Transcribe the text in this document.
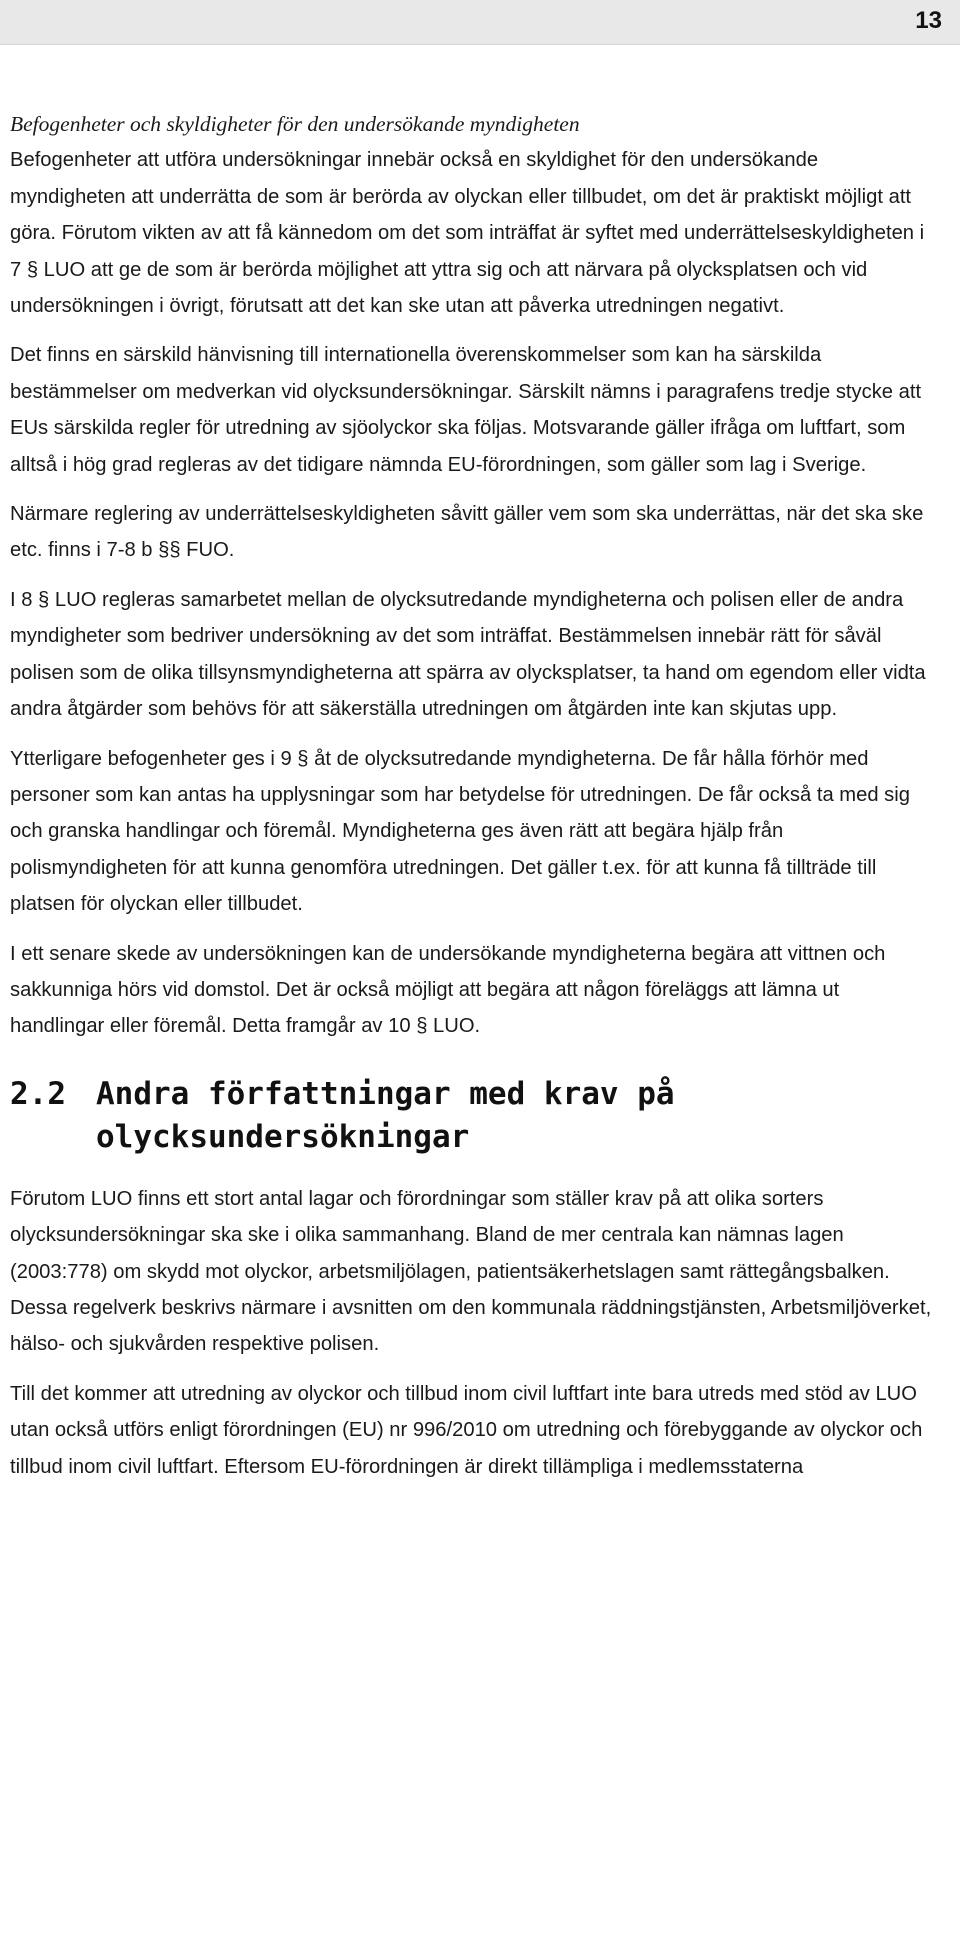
13

Befogenheter och skyldigheter för den undersökande myndigheten
Befogenheter att utföra undersökningar innebär också en skyldighet för den undersökande myndigheten att underrätta de som är berörda av olyckan eller tillbudet, om det är praktiskt möjligt att göra. Förutom vikten av att få kännedom om det som inträffat är syftet med underrättelseskyldigheten i 7 § LUO att ge de som är berörda möjlighet att yttra sig och att närvara på olycksplatsen och vid undersökningen i övrigt, förutsatt att det kan ske utan att påverka utredningen negativt.

Det finns en särskild hänvisning till internationella överenskommelser som kan ha särskilda bestämmelser om medverkan vid olycksundersökningar. Särskilt nämns i paragrafens tredje stycke att EUs särskilda regler för utredning av sjöolyckor ska följas. Motsvarande gäller ifråga om luftfart, som alltså i hög grad regleras av det tidigare nämnda EU-förordningen, som gäller som lag i Sverige.

Närmare reglering av underrättelseskyldigheten såvitt gäller vem som ska underrättas, när det ska ske etc. finns i 7-8 b §§ FUO.

I 8 § LUO regleras samarbetet mellan de olycksutredande myndigheterna och polisen eller de andra myndigheter som bedriver undersökning av det som inträffat. Bestämmelsen innebär rätt för såväl polisen som de olika tillsynsmyndigheterna att spärra av olycksplatser, ta hand om egendom eller vidta andra åtgärder som behövs för att säkerställa utredningen om åtgärden inte kan skjutas upp.

Ytterligare befogenheter ges i 9 § åt de olycksutredande myndigheterna. De får hålla förhör med personer som kan antas ha upplysningar som har betydelse för utredningen. De får också ta med sig och granska handlingar och föremål. Myndigheterna ges även rätt att begära hjälp från polismyndigheten för att kunna genomföra utredningen. Det gäller t.ex. för att kunna få tillträde till platsen för olyckan eller tillbudet.

I ett senare skede av undersökningen kan de undersökande myndigheterna begära att vittnen och sakkunniga hörs vid domstol. Det är också möjligt att begära att någon föreläggs att lämna ut handlingar eller föremål. Detta framgår av 10 § LUO.

2.2 Andra författningar med krav på olycksundersökningar

Förutom LUO finns ett stort antal lagar och förordningar som ställer krav på att olika sorters olycksundersökningar ska ske i olika sammanhang. Bland de mer centrala kan nämnas lagen (2003:778) om skydd mot olyckor, arbetsmiljölagen, patientsäkerhetslagen samt rättegångsbalken. Dessa regelverk beskrivs närmare i avsnitten om den kommunala räddningstjänsten, Arbetsmiljöverket, hälso- och sjukvården respektive polisen.

Till det kommer att utredning av olyckor och tillbud inom civil luftfart inte bara utreds med stöd av LUO utan också utförs enligt förordningen (EU) nr 996/2010 om utredning och förebyggande av olyckor och tillbud inom civil luftfart. Eftersom EU-förordningen är direkt tillämpliga i medlemsstaterna
